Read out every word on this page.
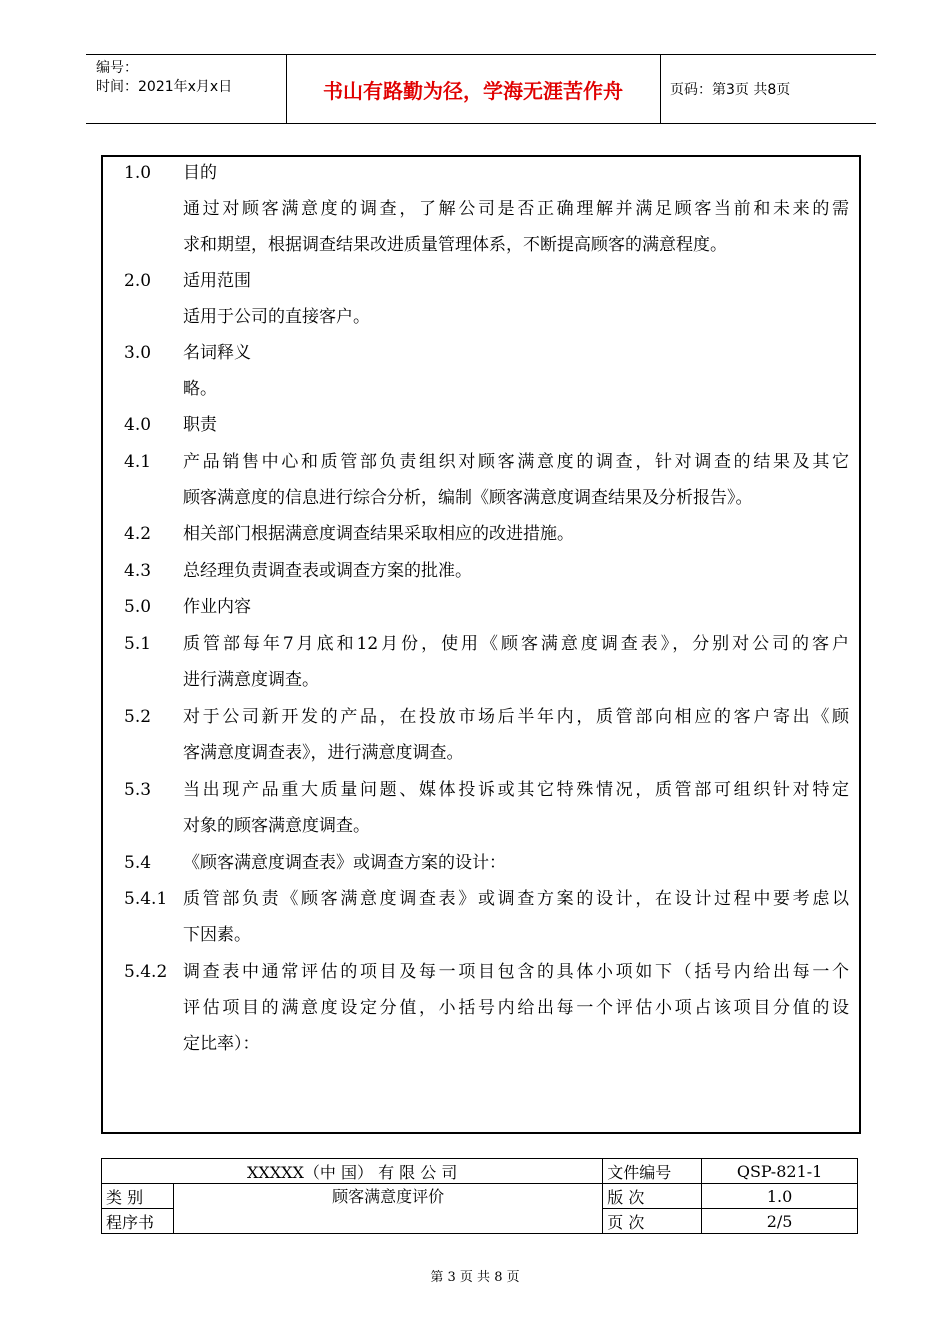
编号：
时间：2021年x月x日	书山有路勤为径，学海无涯苦作舟	页码：第3页 共8页
1.0 目的
通过对顾客满意度的调查，了解公司是否正确理解并满足顾客当前和未来的需
求和期望，根据调查结果改进质量管理体系，不断提高顾客的满意程度。
2.0 适用范围
适用于公司的直接客户。
3.0 名词释义
略。
4.0 职责
4.1 产品销售中心和质管部负责组织对顾客满意度的调查，针对调查的结果及其它
顾客满意度的信息进行综合分析，编制《顾客满意度调查结果及分析报告》。
4.2 相关部门根据满意度调查结果采取相应的改进措施。
4.3 总经理负责调查表或调查方案的批准。
5.0 作业内容
5.1 质管部每年7月底和12月份，使用《顾客满意度调查表》，分别对公司的客户
进行满意度调查。
5.2 对于公司新开发的产品，在投放市场后半年内，质管部向相应的客户寄出《顾
客满意度调查表》，进行满意度调查。
5.3 当出现产品重大质量问题、媒体投诉或其它特殊情况，质管部可组织针对特定
对象的顾客满意度调查。
5.4 《顾客满意度调查表》或调查方案的设计：
5.4.1 质管部负责《顾客满意度调查表》或调查方案的设计，在设计过程中要考虑以
下因素。
5.4.2 调查表中通常评估的项目及每一项目包含的具体小项如下（括号内给出每一个
评估项目的满意度设定分值，小括号内给出每一个评估小项占该项目分值的设
定比率）：
XXXXX（中 国） 有 限 公 司		文件编号	QSP-821-1
类 别	顾客满意度评价	版 次	1.0
程序书		页 次	2/5
第 3 页 共 8 页
